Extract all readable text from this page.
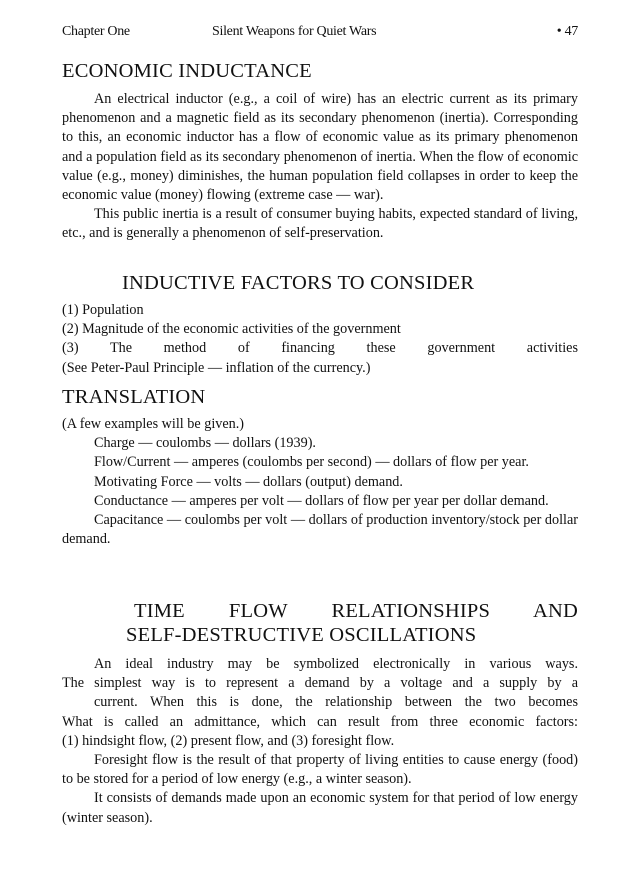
Chapter One	Silent Weapons for Quiet Wars	• 47
ECONOMIC INDUCTANCE

An electrical inductor (e.g., a coil of wire) has an electric current as its primary phenomenon and a magnetic field as its secondary phenomenon (inertia). Corresponding to this, an economic inductor has a flow of economic value as its primary phenomenon and a population field as its secondary phenomenon of inertia. When the flow of economic value (e.g., money) diminishes, the human population field collapses in order to keep the economic value (money) flowing (extreme case — war).

This public inertia is a result of consumer buying habits, expected standard of living, etc., and is generally a phenomenon of self-preservation.

INDUCTIVE FACTORS TO CONSIDER

(1) Population

(2) Magnitude of the economic activities of the government

(3) The method of financing these government activities

(See Peter-Paul Principle — inflation of the currency.)

TRANSLATION

(A few examples will be given.)

Charge — coulombs — dollars (1939).

Flow/Current — amperes (coulombs per second) — dollars of flow per year.

Motivating Force — volts — dollars (output) demand.

Conductance — amperes per volt — dollars of flow per year per dollar demand.

Capacitance — coulombs per volt — dollars of production inventory/stock per dollar demand.

TIME FLOW RELATIONSHIPS AND
SELF-DESTRUCTIVE OSCILLATIONS

An ideal industry may be symbolized electronically in various ways.

The simplest way is to represent a demand by a voltage and a supply by a

current. When this is done, the relationship between the two becomes

What is called an admittance, which can result from three economic factors:

(1) hindsight flow, (2) present flow, and (3) foresight flow.

Foresight flow is the result of that property of living entities to cause energy (food) to be stored for a period of low energy (e.g., a winter season).

It consists of demands made upon an economic system for that period of low energy (winter season).
